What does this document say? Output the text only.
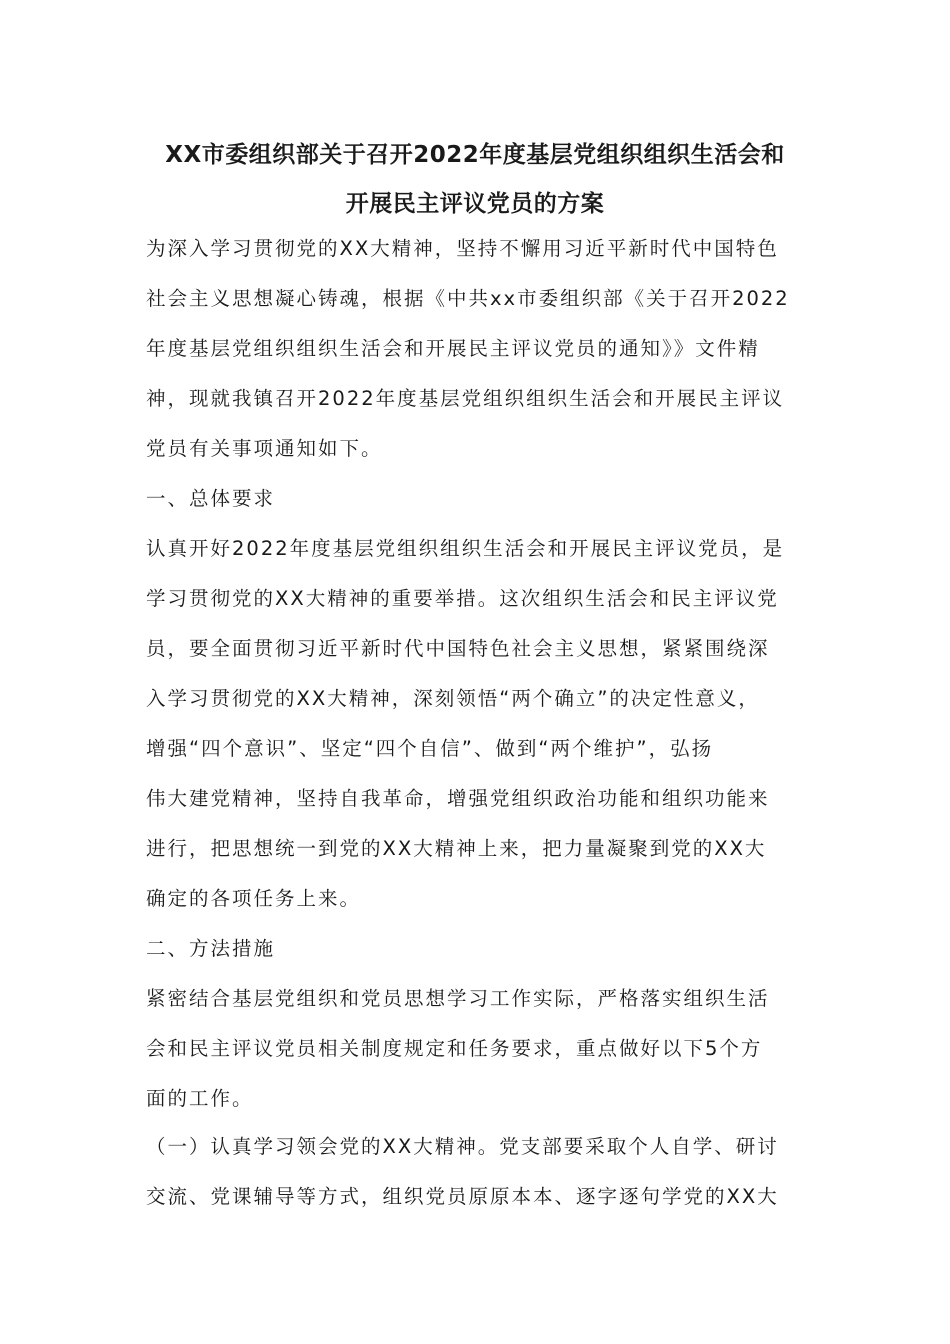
XX市委组织部关于召开2022年度基层党组织组织生活会和
开展民主评议党员的方案
为深入学习贯彻党的XX大精神，坚持不懈用习近平新时代中国特色
社会主义思想凝心铸魂，根据《中共xx市委组织部《关于召开2022
年度基层党组织组织生活会和开展民主评议党员的通知》》文件精
神，现就我镇召开2022年度基层党组织组织生活会和开展民主评议
党员有关事项通知如下。
一、总体要求
认真开好2022年度基层党组织组织生活会和开展民主评议党员，是
学习贯彻党的XX大精神的重要举措。这次组织生活会和民主评议党
员，要全面贯彻习近平新时代中国特色社会主义思想，紧紧围绕深
入学习贯彻党的XX大精神，深刻领悟“两个确立”的决定性意义，
增强“四个意识”、坚定“四个自信”、做到“两个维护”，弘扬
伟大建党精神，坚持自我革命，增强党组织政治功能和组织功能来
进行，把思想统一到党的XX大精神上来，把力量凝聚到党的XX大
确定的各项任务上来。
二、方法措施
紧密结合基层党组织和党员思想学习工作实际，严格落实组织生活
会和民主评议党员相关制度规定和任务要求，重点做好以下5个方
面的工作。
（一）认真学习领会党的XX大精神。党支部要采取个人自学、研讨
交流、党课辅导等方式，组织党员原原本本、逐字逐句学党的XX大
